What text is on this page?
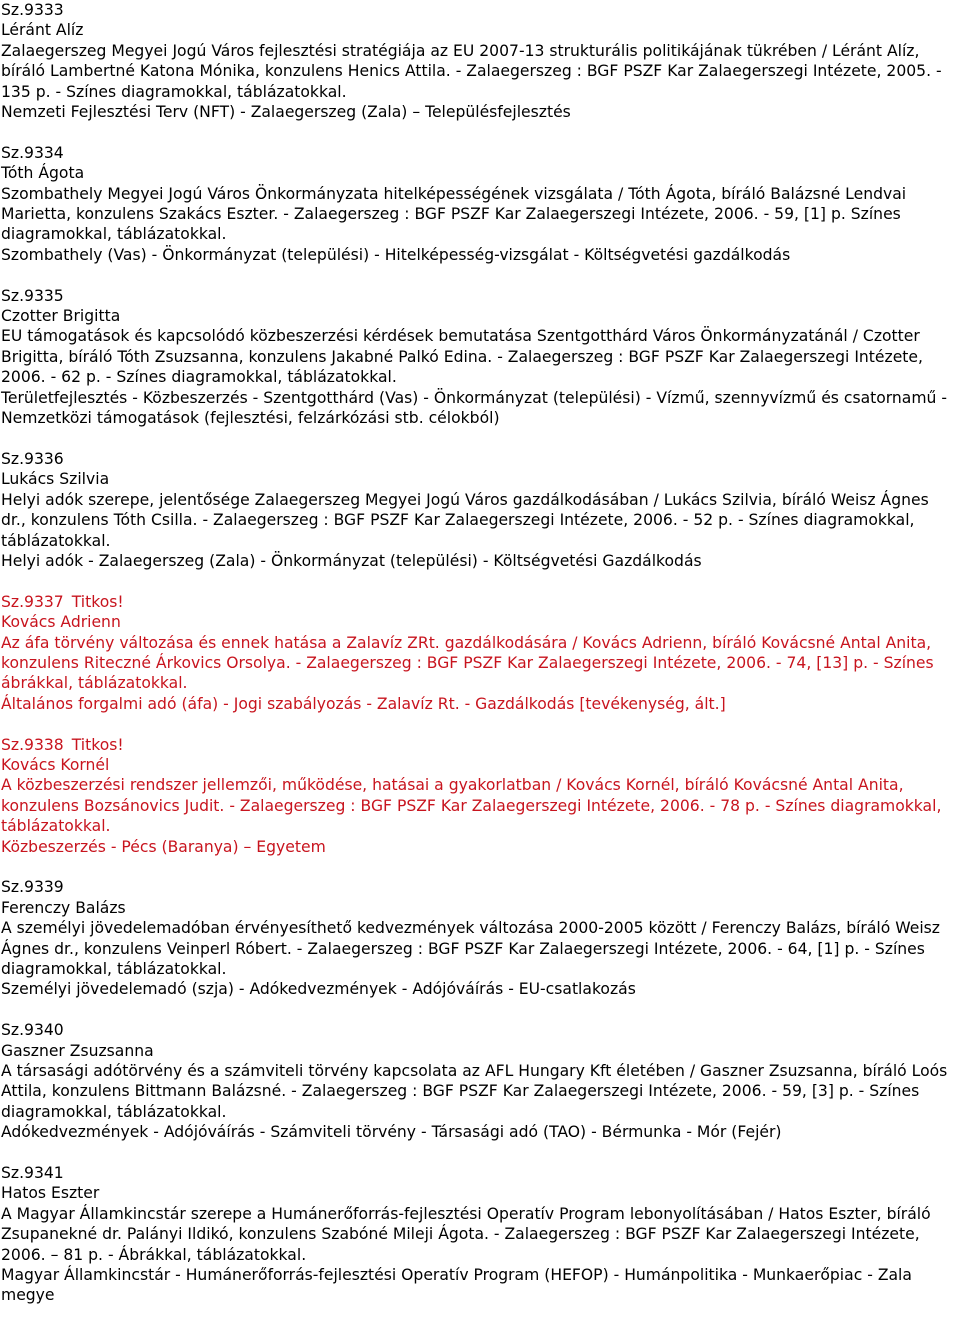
Sz.9333
Léránt Alíz
Zalaegerszeg Megyei Jogú Város fejlesztési stratégiája az EU 2007-13 strukturális politikájának tükrében / Léránt Alíz, bíráló Lambertné Katona Mónika, konzulens Henics Attila. - Zalaegerszeg : BGF PSZF Kar Zalaegerszegi Intézete, 2005. - 135 p. - Színes diagramokkal, táblázatokkal.
Nemzeti Fejlesztési Terv (NFT) - Zalaegerszeg (Zala) – Településfejlesztés
Sz.9334
Tóth Ágota
Szombathely Megyei Jogú Város Önkormányzata hitelképességének vizsgálata / Tóth Ágota, bíráló Balázsné Lendvai Marietta, konzulens Szakács Eszter. - Zalaegerszeg : BGF PSZF Kar Zalaegerszegi Intézete, 2006. - 59, [1] p. Színes diagramokkal, táblázatokkal.
Szombathely (Vas) - Önkormányzat (települési) - Hitelképesség-vizsgálat - Költségvetési gazdálkodás
Sz.9335
Czotter Brigitta
EU támogatások és kapcsolódó közbeszerzési kérdések bemutatása Szentgotthárd Város Önkormányzatánál / Czotter Brigitta, bíráló Tóth Zsuzsanna, konzulens Jakabné Palkó Edina. - Zalaegerszeg : BGF PSZF Kar Zalaegerszegi Intézete, 2006. - 62 p. - Színes diagramokkal, táblázatokkal.
Területfejlesztés - Közbeszerzés - Szentgotthárd (Vas) - Önkormányzat (települési) - Vízmű, szennyvízmű és csatornamű - Nemzetközi támogatások (fejlesztési, felzárkózási stb. célokból)
Sz.9336
Lukács Szilvia
Helyi adók szerepe, jelentősége Zalaegerszeg Megyei Jogú Város gazdálkodásában / Lukács Szilvia, bíráló Weisz Ágnes dr., konzulens Tóth Csilla. - Zalaegerszeg : BGF PSZF Kar Zalaegerszegi Intézete, 2006. - 52 p. - Színes diagramokkal, táblázatokkal.
Helyi adók - Zalaegerszeg (Zala) - Önkormányzat (települési) - Költségvetési Gazdálkodás
Sz.9337 Titkos!
Kovács Adrienn
Az áfa törvény változása és ennek hatása a Zalavíz ZRt. gazdálkodására / Kovács Adrienn, bíráló Kovácsné Antal Anita, konzulens Riteczné Árkovics Orsolya. - Zalaegerszeg : BGF PSZF Kar Zalaegerszegi Intézete, 2006. - 74, [13] p. - Színes ábrákkal, táblázatokkal.
Általános forgalmi adó (áfa) - Jogi szabályozás - Zalavíz Rt. - Gazdálkodás [tevékenység, ált.]
Sz.9338 Titkos!
Kovács Kornél
A közbeszerzési rendszer jellemzői, működése, hatásai a gyakorlatban / Kovács Kornél, bíráló Kovácsné Antal Anita, konzulens Bozsánovics Judit. - Zalaegerszeg : BGF PSZF Kar Zalaegerszegi Intézete, 2006. - 78 p. - Színes diagramokkal, táblázatokkal.
Közbeszerzés - Pécs (Baranya) – Egyetem
Sz.9339
Ferenczy Balázs
A személyi jövedelemadóban érvényesíthető kedvezmények változása 2000-2005 között / Ferenczy Balázs, bíráló Weisz Ágnes dr., konzulens Veinperl Róbert. - Zalaegerszeg : BGF PSZF Kar Zalaegerszegi Intézete, 2006. - 64, [1] p. - Színes diagramokkal, táblázatokkal.
Személyi jövedelemadó (szja) - Adókedvezmények - Adójóváírás - EU-csatlakozás
Sz.9340
Gaszner Zsuzsanna
A társasági adótörvény és a számviteli törvény kapcsolata az AFL Hungary Kft életében / Gaszner Zsuzsanna, bíráló Loós Attila, konzulens Bittmann Balázsné. - Zalaegerszeg : BGF PSZF Kar Zalaegerszegi Intézete, 2006. - 59, [3] p. - Színes diagramokkal, táblázatokkal.
Adókedvezmények - Adójóváírás - Számviteli törvény - Társasági adó (TAO) - Bérmunka - Mór (Fejér)
Sz.9341
Hatos Eszter
A Magyar Államkincstár szerepe a Humánerőforrás-fejlesztési Operatív Program lebonyolításában / Hatos Eszter, bíráló Zsupanekné dr. Palányi Ildikó, konzulens Szabóné Mileji Ágota. - Zalaegerszeg : BGF PSZF Kar Zalaegerszegi Intézete, 2006. – 81 p. - Ábrákkal, táblázatokkal.
Magyar Államkincstár - Humánerőforrás-fejlesztési Operatív Program (HEFOP) - Humánpolitika - Munkaerőpiac - Zala megye
